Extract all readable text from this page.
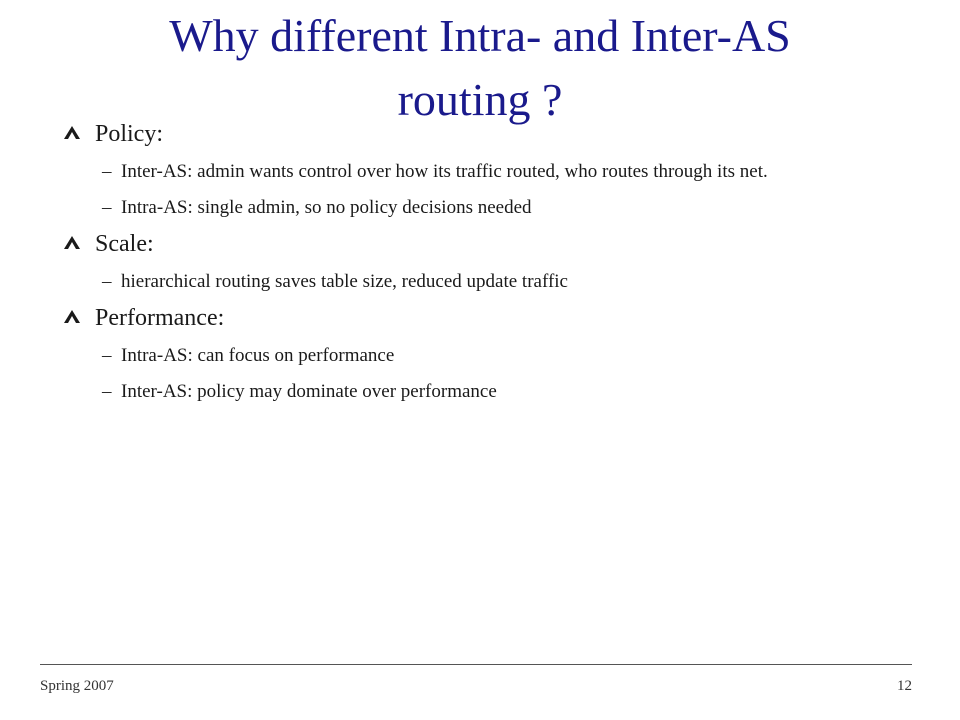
Why different Intra- and Inter-AS
routing ?
Policy:
– Inter-AS: admin wants control over how its traffic routed, who routes through its net.
– Intra-AS: single admin, so no policy decisions needed
Scale:
– hierarchical routing saves table size, reduced update traffic
Performance:
– Intra-AS: can focus on performance
– Inter-AS: policy may dominate over performance
Spring 2007	12
